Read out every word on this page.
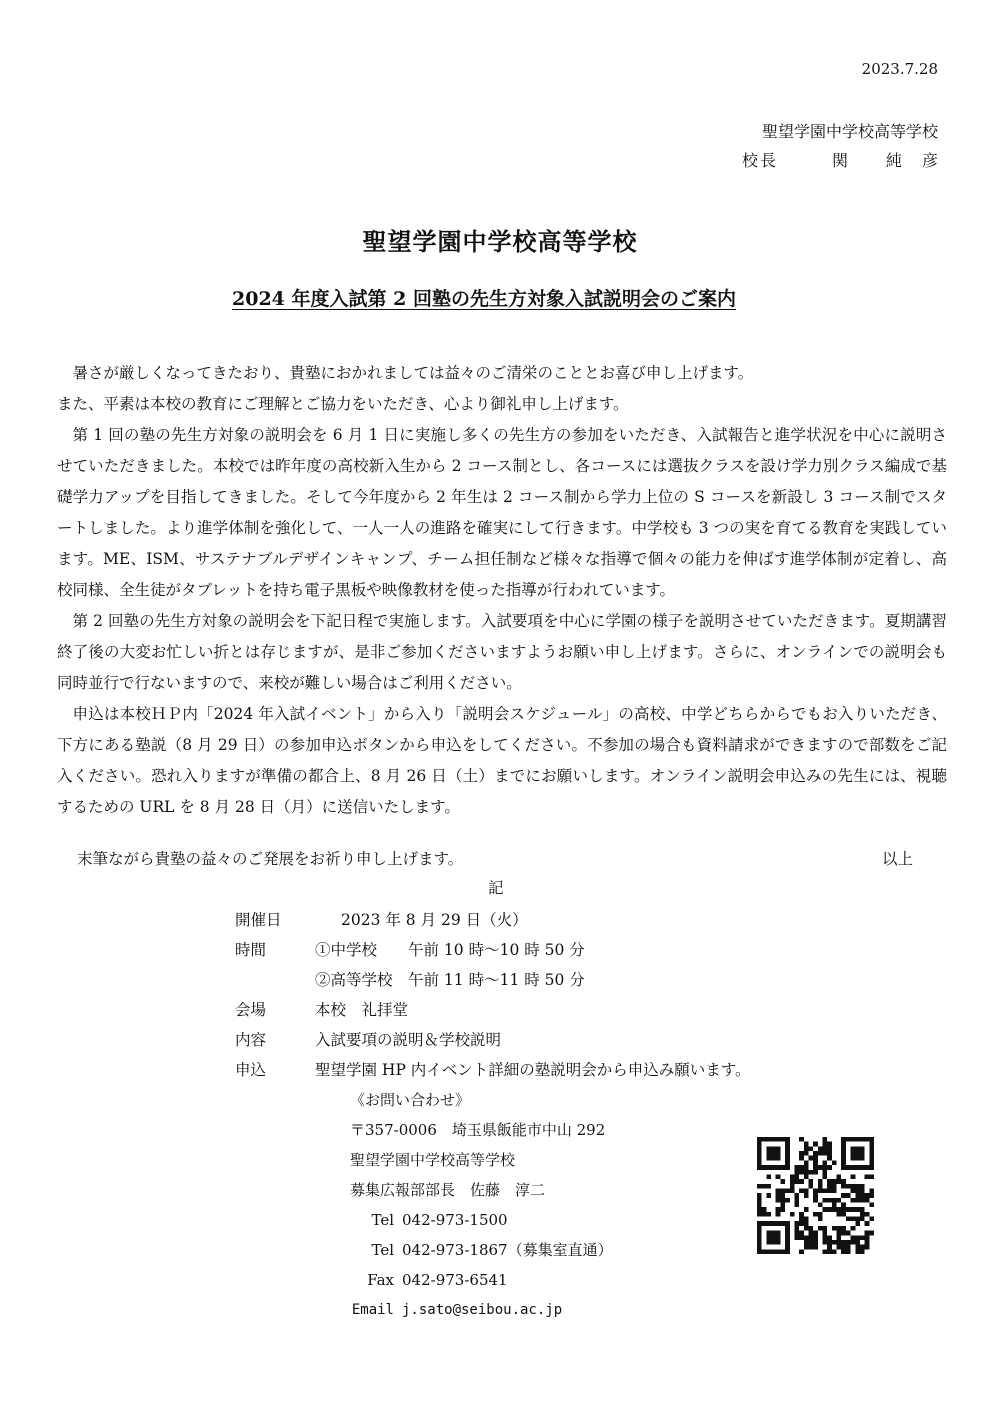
2023.7.28
聖望学園中学校高等学校
校長　　　関　　純　彦
聖望学園中学校高等学校
2024 年度入試第 2 回塾の先生方対象入試説明会のご案内

暑さが厳しくなってきたおり、貴塾におかれましては益々のご清栄のこととお喜び申し上げます。

また、平素は本校の教育にご理解とご協力をいただき、心より御礼申し上げます。

第 1 回の塾の先生方対象の説明会を 6 月 1 日に実施し多くの先生方の参加をいただき、入試報告と進学状況を中心に説明させていただきました。本校では昨年度の高校新入生から 2 コース制とし、各コースには選抜クラスを設け学力別クラス編成で基礎学力アップを目指してきました。そして今年度から 2 年生は 2 コース制から学力上位の S コースを新設し 3 コース制でスタートしました。より進学体制を強化して、一人一人の進路を確実にして行きます。中学校も 3 つの実を育てる教育を実践しています。ME、ISM、サステナブルデザインキャンプ、チーム担任制など様々な指導で個々の能力を伸ばす進学体制が定着し、高校同様、全生徒がタブレットを持ち電子黒板や映像教材を使った指導が行われています。

第 2 回塾の先生方対象の説明会を下記日程で実施します。入試要項を中心に学園の様子を説明させていただきます。夏期講習終了後の大変お忙しい折とは存じますが、是非ご参加くださいますようお願い申し上げます。さらに、オンラインでの説明会も同時並行で行ないますので、来校が難しい場合はご利用ください。

申込は本校ＨＰ内「2024 年入試イベント」から入り「説明会スケジュール」の高校、中学どちらからでもお入りいただき、下方にある塾説（8 月 29 日）の参加申込ボタンから申込をしてください。不参加の場合も資料請求ができますので部数をご記入ください。恐れ入りますが準備の都合上、8 月 26 日（土）までにお願いします。オンライン説明会申込みの先生には、視聴するための URL を 8 月 28 日（月）に送信いたします。

末筆ながら貴塾の益々のご発展をお祈り申し上げます。	以上
記
開催日	2023 年 8 月 29 日（火）
時間	①中学校　　午前 10 時～10 時 50 分
②高等学校　午前 11 時～11 時 50 分
会場	本校　礼拝堂
内容	入試要項の説明＆学校説明
申込	聖望学園 HP 内イベント詳細の塾説明会から申込み願います。
《お問い合わせ》
〒357-0006　埼玉県飯能市中山 292
聖望学園中学校高等学校
募集広報部部長　佐藤　淳二
Tel 042-973-1500
Tel 042-973-1867（募集室直通）
Fax 042-973-6541
Email j.sato@seibou.ac.jp
